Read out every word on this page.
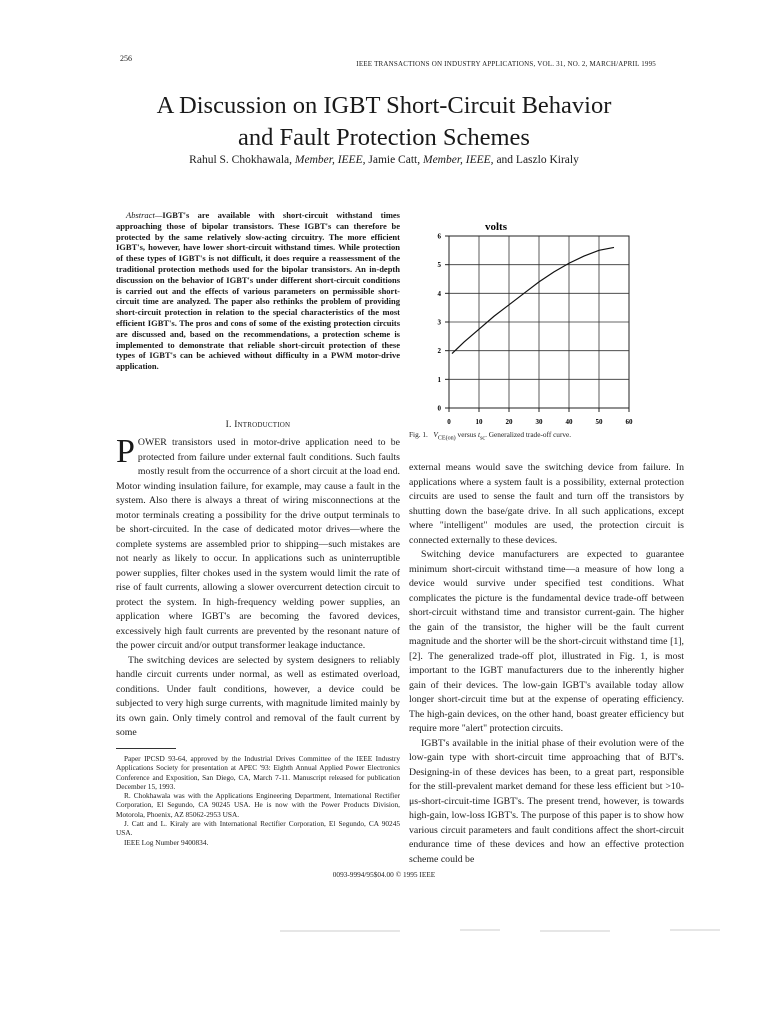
256
IEEE TRANSACTIONS ON INDUSTRY APPLICATIONS, VOL. 31, NO. 2, MARCH/APRIL 1995
A Discussion on IGBT Short-Circuit Behavior
and Fault Protection Schemes
Rahul S. Chokhawala, Member, IEEE, Jamie Catt, Member, IEEE, and Laszlo Kiraly
Abstract—IGBT's are available with short-circuit withstand times approaching those of bipolar transistors. These IGBT's can therefore be protected by the same relatively slow-acting circuitry. The more efficient IGBT's, however, have lower short-circuit withstand times. While protection of these types of IGBT's is not difficult, it does require a reassessment of the traditional protection methods used for the bipolar transistors. An in-depth discussion on the behavior of IGBT's under different short-circuit conditions is carried out and the effects of various parameters on permissible short-circuit time are analyzed. The paper also rethinks the problem of providing short-circuit protection in relation to the special characteristics of the most efficient IGBT's. The pros and cons of some of the existing protection circuits are discussed and, based on the recommendations, a protection scheme is implemented to demonstrate that reliable short-circuit protection of these types of IGBT's can be achieved without difficulty in a PWM motor-drive application.
I. Introduction

POWER transistors used in motor-drive application need to be protected from failure under external fault conditions. Such faults mostly result from the occurrence of a short circuit at the load end. Motor winding insulation failure, for example, may cause a fault in the system. Also there is always a threat of wiring misconnections at the motor terminals creating a possibility for the drive output terminals to be short-circuited. In the case of dedicated motor drives—where the complete systems are assembled prior to shipping—such mistakes are not nearly as likely to occur. In applications such as uninterruptible power supplies, filter chokes used in the system would limit the rate of rise of fault currents, allowing a slower overcurrent detection circuit to protect the system. In high-frequency welding power supplies, an application where IGBT's are becoming the favored devices, excessively high fault currents are prevented by the resonant nature of the power circuit and/or output transformer leakage inductance.

The switching devices are selected by system designers to reliably handle circuit currents under normal, as well as estimated overload, conditions. Under fault conditions, however, a device could be subjected to very high surge currents, with magnitude limited mainly by its own gain. Only timely control and removal of the fault current by some

Paper IPCSD 93-64, approved by the Industrial Drives Committee of the IEEE Industry Applications Society for presentation at APEC '93: Eighth Annual Applied Power Electronics Conference and Exposition, San Diego, CA, March 7-11. Manuscript released for publication December 15, 1993.

R. Chokhawala was with the Applications Engineering Department, International Rectifier Corporation, El Segundo, CA 90245 USA. He is now with the Power Products Division, Motorola, Phoenix, AZ 85062-2953 USA.

J. Catt and L. Kiraly are with International Rectifier Corporation, El Segundo, CA 90245 USA.

IEEE Log Number 9400834.

0	10	20	30	40	50	60
0
1
2
3
4
5
6
volts
Fig. 1. $V_{CE(on)}$ versus $t_{sc}$. Generalized trade-off curve.

external means would save the switching device from failure. In applications where a system fault is a possibility, external protection circuits are used to sense the fault and turn off the transistors by shutting down the base/gate drive. In all such applications, except where "intelligent" modules are used, the protection circuit is connected externally to these devices.

Switching device manufacturers are expected to guarantee minimum short-circuit withstand time—a measure of how long a device would survive under specified test conditions. What complicates the picture is the fundamental device trade-off between short-circuit withstand time and transistor current-gain. The higher the gain of the transistor, the higher will be the fault current magnitude and the shorter will be the short-circuit withstand time [1], [2]. The generalized trade-off plot, illustrated in Fig. 1, is most important to the IGBT manufacturers due to the inherently higher gain of their devices. The low-gain IGBT's available today allow longer short-circuit time but at the expense of operating efficiency. The high-gain devices, on the other hand, boast greater efficiency but require more "alert" protection circuits.

IGBT's available in the initial phase of their evolution were of the low-gain type with short-circuit time approaching that of BJT's. Designing-in of these devices has been, to a great part, responsible for the still-prevalent market demand for these less efficient but >10-μs-short-circuit-time IGBT's. The present trend, however, is towards high-gain, low-loss IGBT's. The purpose of this paper is to show how various circuit parameters and fault conditions affect the short-circuit endurance time of these devices and how an effective protection scheme could be

0093-9994/95$04.00 © 1995 IEEE
